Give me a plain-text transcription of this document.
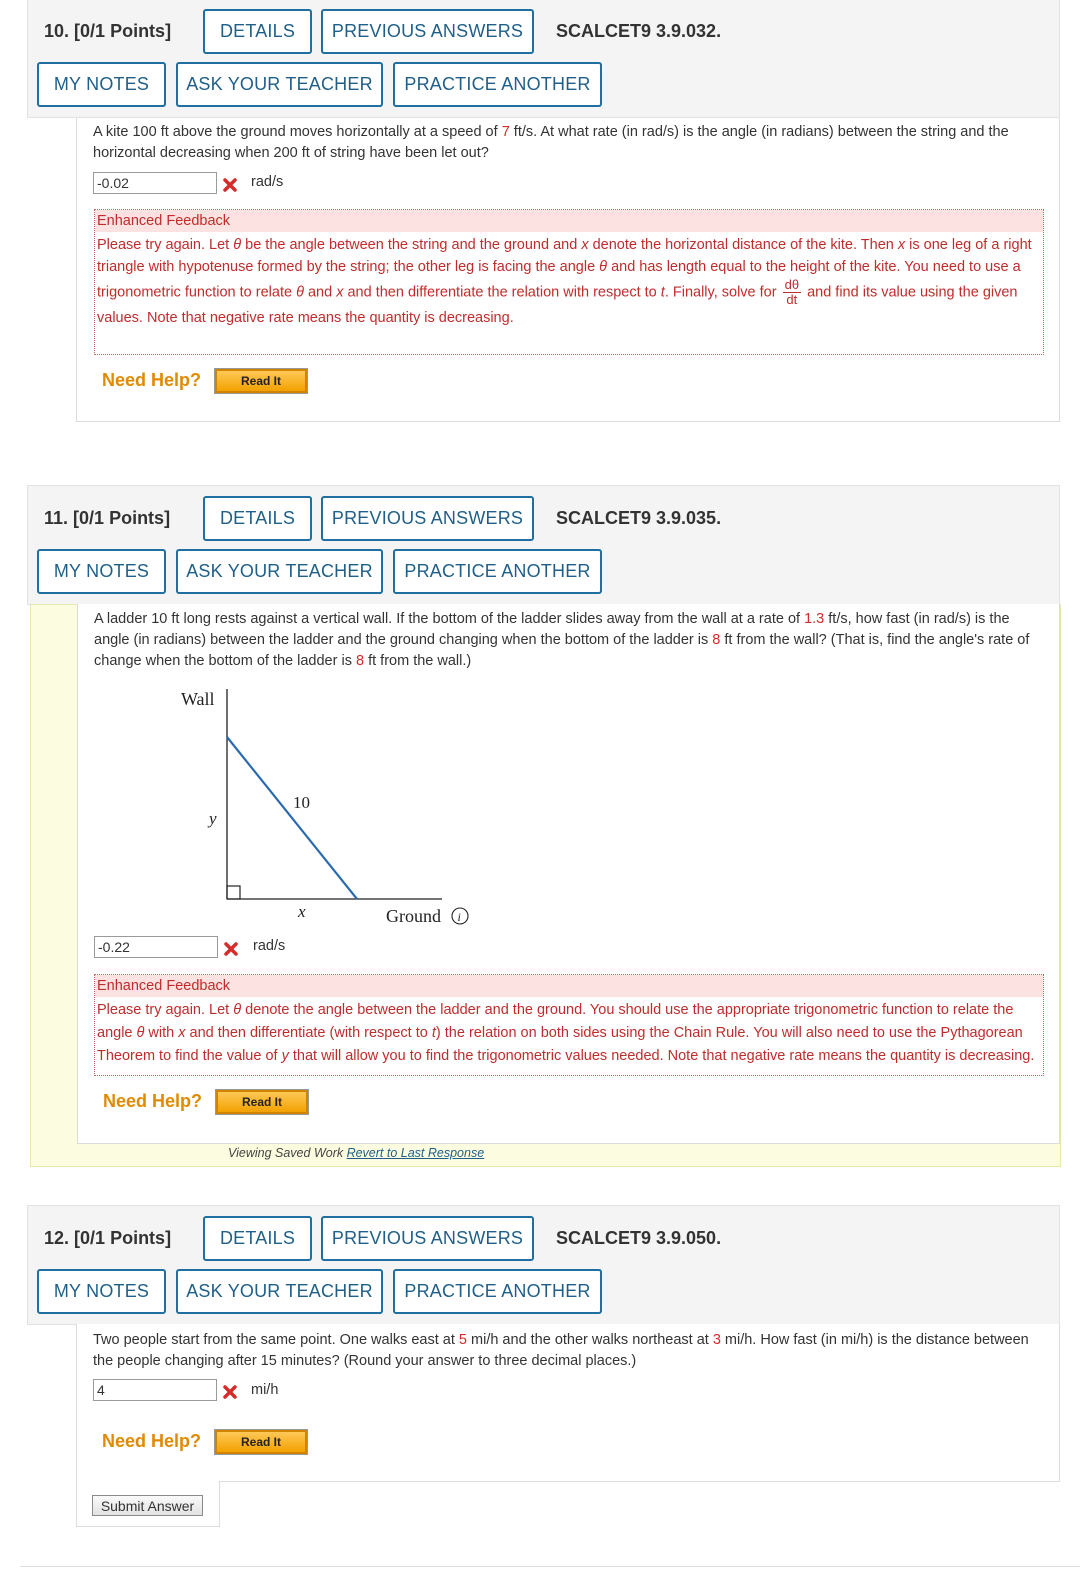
10. [0/1 Points]	DETAILS	PREVIOUS ANSWERS	SCALCET9 3.9.032.
MY NOTES	ASK YOUR TEACHER	PRACTICE ANOTHER
A kite 100 ft above the ground moves horizontally at a speed of 7 ft/s. At what rate (in rad/s) is the angle (in radians) between the string and the horizontal decreasing when 200 ft of string have been let out?
-0.02
rad/s
Enhanced Feedback
Please try again. Let θ be the angle between the string and the ground and x denote the horizontal distance of the kite. Then x is one leg of a right triangle with hypotenuse formed by the string; the other leg is facing the angle θ and has length equal to the height of the kite. You need to use a trigonometric function to relate θ and x and then differentiate the relation with respect to t. Finally, solve for $\frac{d\theta}{dt}$ and find its value using the given values. Note that negative rate means the quantity is decreasing.
Need Help?	Read It
11. [0/1 Points]	DETAILS	PREVIOUS ANSWERS	SCALCET9 3.9.035.
MY NOTES	ASK YOUR TEACHER	PRACTICE ANOTHER
A ladder 10 ft long rests against a vertical wall. If the bottom of the ladder slides away from the wall at a rate of 1.3 ft/s, how fast (in rad/s) is the angle (in radians) between the ladder and the ground changing when the bottom of the ladder is 8 ft from the wall? (That is, find the angle's rate of change when the bottom of the ladder is 8 ft from the wall.)
Wall
10
y
x	Ground i
-0.22
rad/s
Enhanced Feedback
Please try again. Let θ denote the angle between the ladder and the ground. You should use the appropriate trigonometric function to relate the angle θ with x and then differentiate (with respect to t) the relation on both sides using the Chain Rule. You will also need to use the Pythagorean Theorem to find the value of y that will allow you to find the trigonometric values needed. Note that negative rate means the quantity is decreasing.
Need Help?	Read It
Viewing Saved Work Revert to Last Response
12. [0/1 Points]	DETAILS	PREVIOUS ANSWERS	SCALCET9 3.9.050.
MY NOTES	ASK YOUR TEACHER	PRACTICE ANOTHER
Two people start from the same point. One walks east at 5 mi/h and the other walks northeast at 3 mi/h. How fast (in mi/h) is the distance between the people changing after 15 minutes? (Round your answer to three decimal places.)
4
mi/h
Need Help?	Read It
Submit Answer
